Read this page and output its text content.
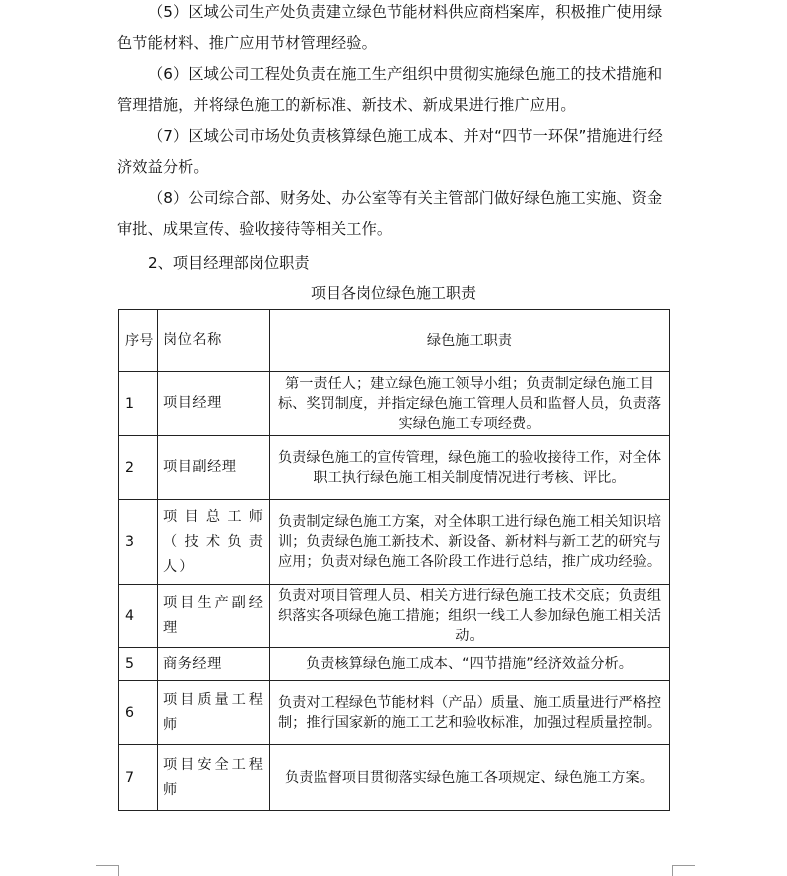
（5）区域公司生产处负责建立绿色节能材料供应商档案库，积极推广使用绿色节能材料、推广应用节材管理经验。

（6）区域公司工程处负责在施工生产组织中贯彻实施绿色施工的技术措施和管理措施，并将绿色施工的新标准、新技术、新成果进行推广应用。

（7）区域公司市场处负责核算绿色施工成本、并对“四节一环保”措施进行经济效益分析。

（8）公司综合部、财务处、办公室等有关主管部门做好绿色施工实施、资金审批、成果宣传、验收接待等相关工作。

2、项目经理部岗位职责
项目各岗位绿色施工职责
序号	岗位名称	绿色施工职责
1	项目经理	第一责任人；建立绿色施工领导小组；负责制定绿色施工目标、奖罚制度，并指定绿色施工管理人员和监督人员，负责落实绿色施工专项经费。
2	项目副经理	负责绿色施工的宣传管理，绿色施工的验收接待工作，对全体职工执行绿色施工相关制度情况进行考核、评比。
3	项目总工师（技术负责人）	负责制定绿色施工方案，对全体职工进行绿色施工相关知识培训；负责绿色施工新技术、新设备、新材料与新工艺的研究与应用；负责对绿色施工各阶段工作进行总结，推广成功经验。
4	项目生产副经理	负责对项目管理人员、相关方进行绿色施工技术交底；负责组织落实各项绿色施工措施；组织一线工人参加绿色施工相关活动。
5	商务经理	负责核算绿色施工成本、“四节措施”经济效益分析。
6	项目质量工程师	负责对工程绿色节能材料（产品）质量、施工质量进行严格控制；推行国家新的施工工艺和验收标准，加强过程质量控制。
7	项目安全工程师	负责监督项目贯彻落实绿色施工各项规定、绿色施工方案。
